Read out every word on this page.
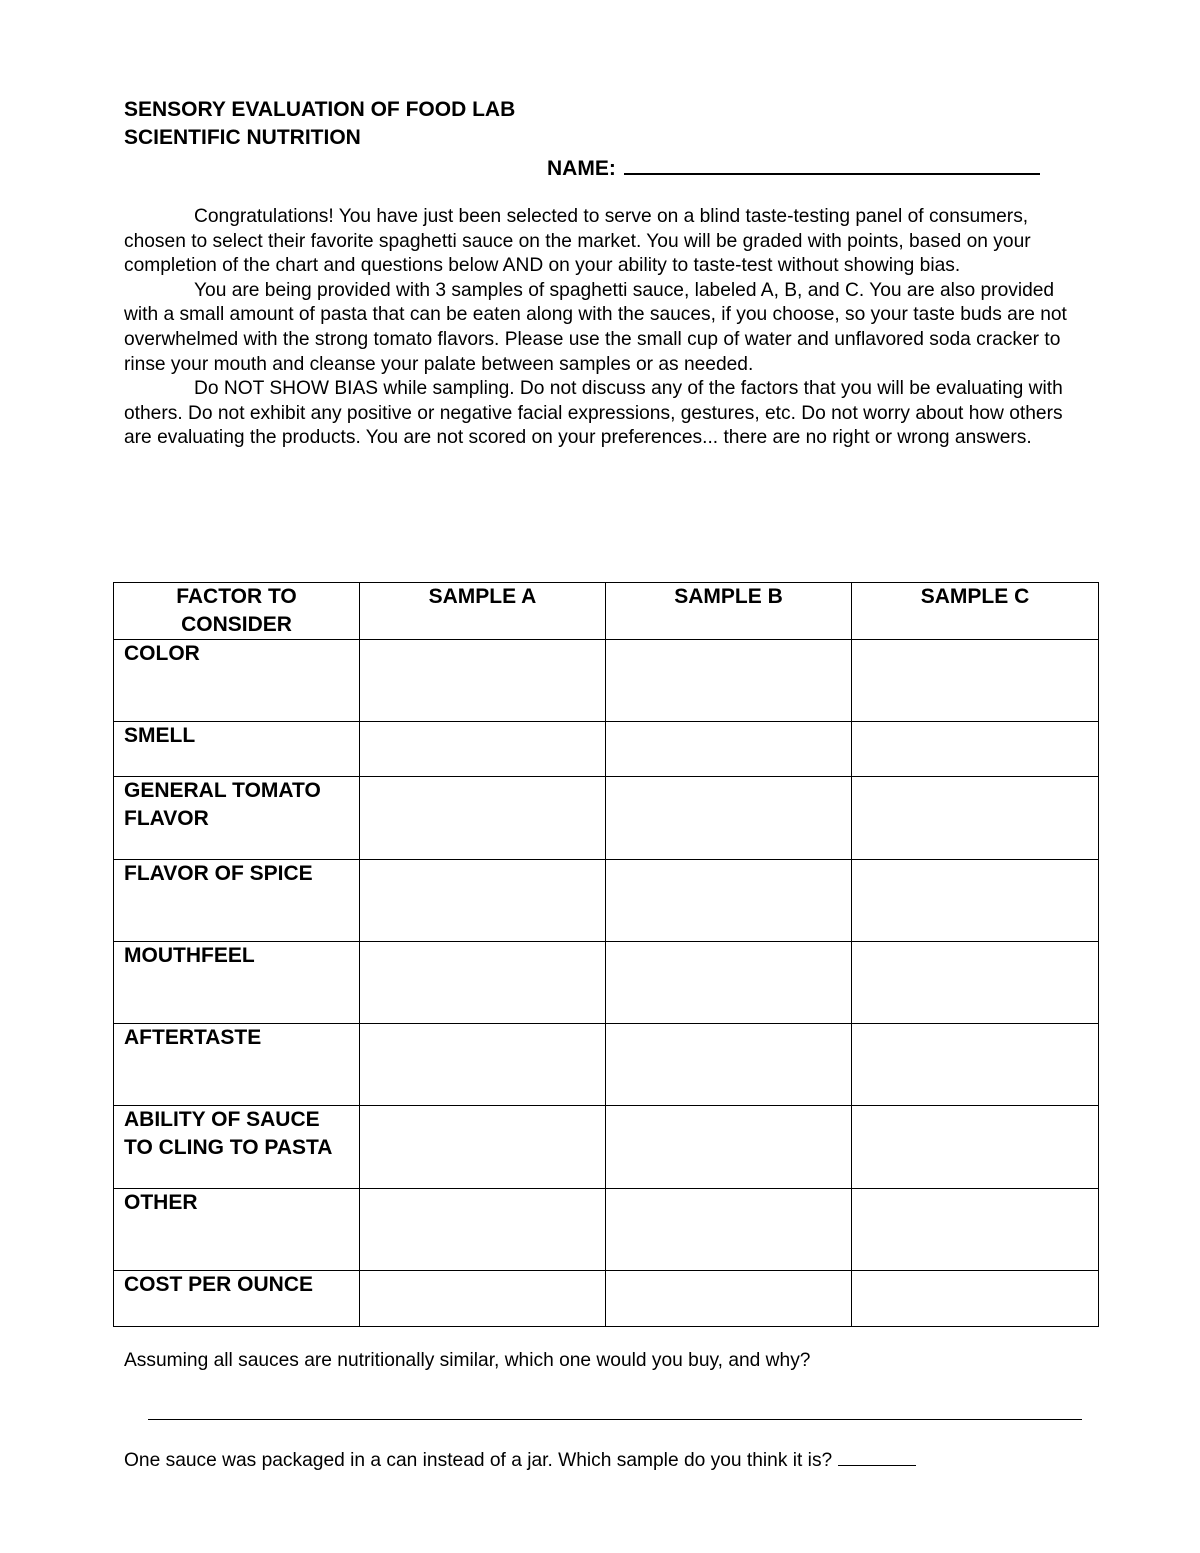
SENSORY EVALUATION OF FOOD LAB
SCIENTIFIC NUTRITION
NAME:

Congratulations! You have just been selected to serve on a blind taste-testing panel of consumers, chosen to select their favorite spaghetti sauce on the market. You will be graded with points, based on your completion of the chart and questions below AND on your ability to taste-test without showing bias.

You are being provided with 3 samples of spaghetti sauce, labeled A, B, and C. You are also provided with a small amount of pasta that can be eaten along with the sauces, if you choose, so your taste buds are not overwhelmed with the strong tomato flavors. Please use the small cup of water and unflavored soda cracker to rinse your mouth and cleanse your palate between samples or as needed.

Do NOT SHOW BIAS while sampling. Do not discuss any of the factors that you will be evaluating with others. Do not exhibit any positive or negative facial expressions, gestures, etc. Do not worry about how others are evaluating the products. You are not scored on your preferences... there are no right or wrong answers.

FACTOR TO CONSIDER	SAMPLE A	SAMPLE B	SAMPLE C
COLOR			
SMELL			
GENERAL TOMATO FLAVOR			
FLAVOR OF SPICE			
MOUTHFEEL			
AFTERTASTE			
ABILITY OF SAUCE TO CLING TO PASTA			
OTHER			
COST PER OUNCE			
Assuming all sauces are nutritionally similar, which one would you buy, and why?
One sauce was packaged in a can instead of a jar. Which sample do you think it is?
